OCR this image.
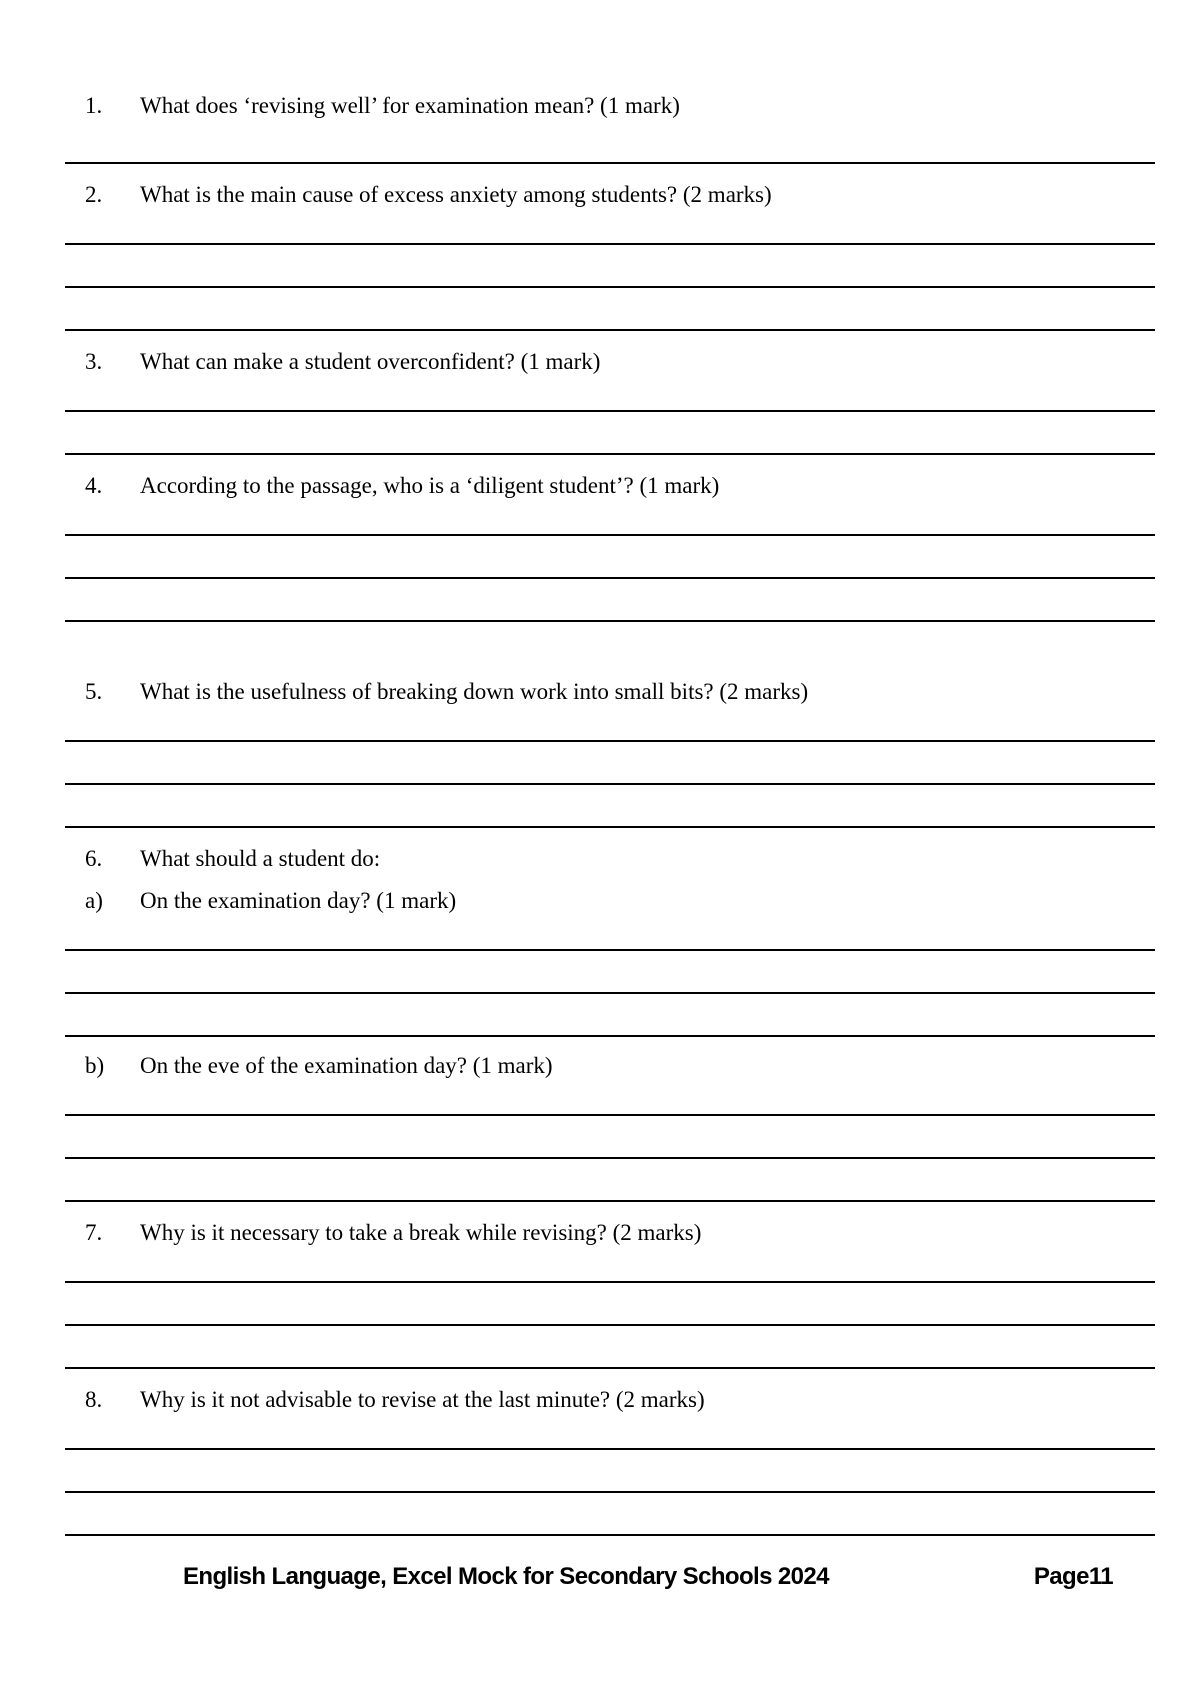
1.	What does ‘revising well’ for examination mean? (1 mark)
2.	What is the main cause of excess anxiety among students? (2 marks)
3.	What can make a student overconfident? (1 mark)
4.	According to the passage, who is a ‘diligent student’? (1 mark)
5.	What is the usefulness of breaking down work into small bits? (2 marks)
6.	What should a student do:
a)	On the examination day? (1 mark)
b)	On the eve of the examination day? (1 mark)
7.	Why is it necessary to take a break while revising? (2 marks)
8.	Why is it not advisable to revise at the last minute? (2 marks)
English Language, Excel Mock for Secondary Schools 2024	Page11
